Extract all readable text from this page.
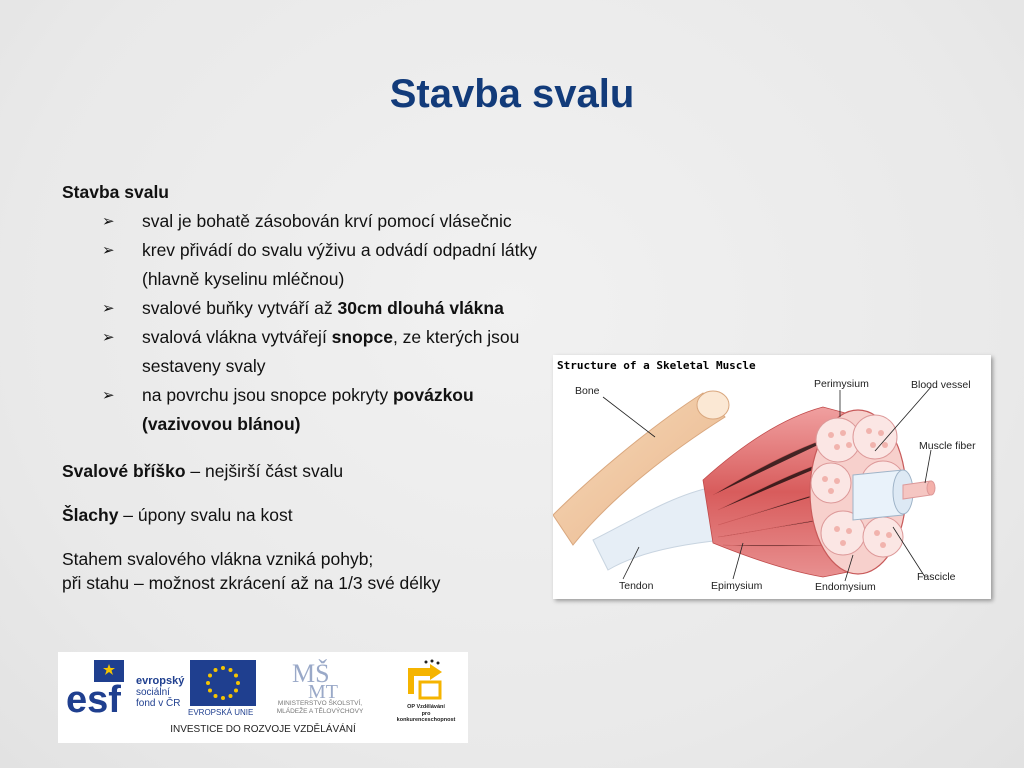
Stavba svalu
Stavba svalu
➢ sval je bohatě zásobován krví pomocí vlásečnic
➢ krev přivádí do svalu výživu a odvádí odpadní látky
(hlavně kyselinu mléčnou)
➢ svalové buňky vytváří až 30cm dlouhá vlákna
➢ svalová vlákna vytvářejí snopce, ze kterých jsou
sestaveny svaly
➢ na povrchu jsou snopce pokryty povázkou
(vazivovou blánou)
Svalové bříško – nejširší část svalu
Šlachy – úpony svalu na kost
Stahem svalového vlákna vzniká pohyb;
při stahu – možnost zkrácení až na 1/3 své délky
Structure of a Skeletal Muscle
Bone
Perimysium	Blood vessel
Muscle fiber
Tendon	Epimysium	Endomysium
Fascicle
esf evropský
sociální
fond v ČR
EVROPSKÁ UNIE
MŠ
MT
MINISTERSTVO ŠKOLSTVÍ,
MLÁDEŽE A TĚLOVÝCHOVY
OP Vzdělávání
pro konkurenceschopnost
INVESTICE DO ROZVOJE VZDĚLÁVÁNÍ
